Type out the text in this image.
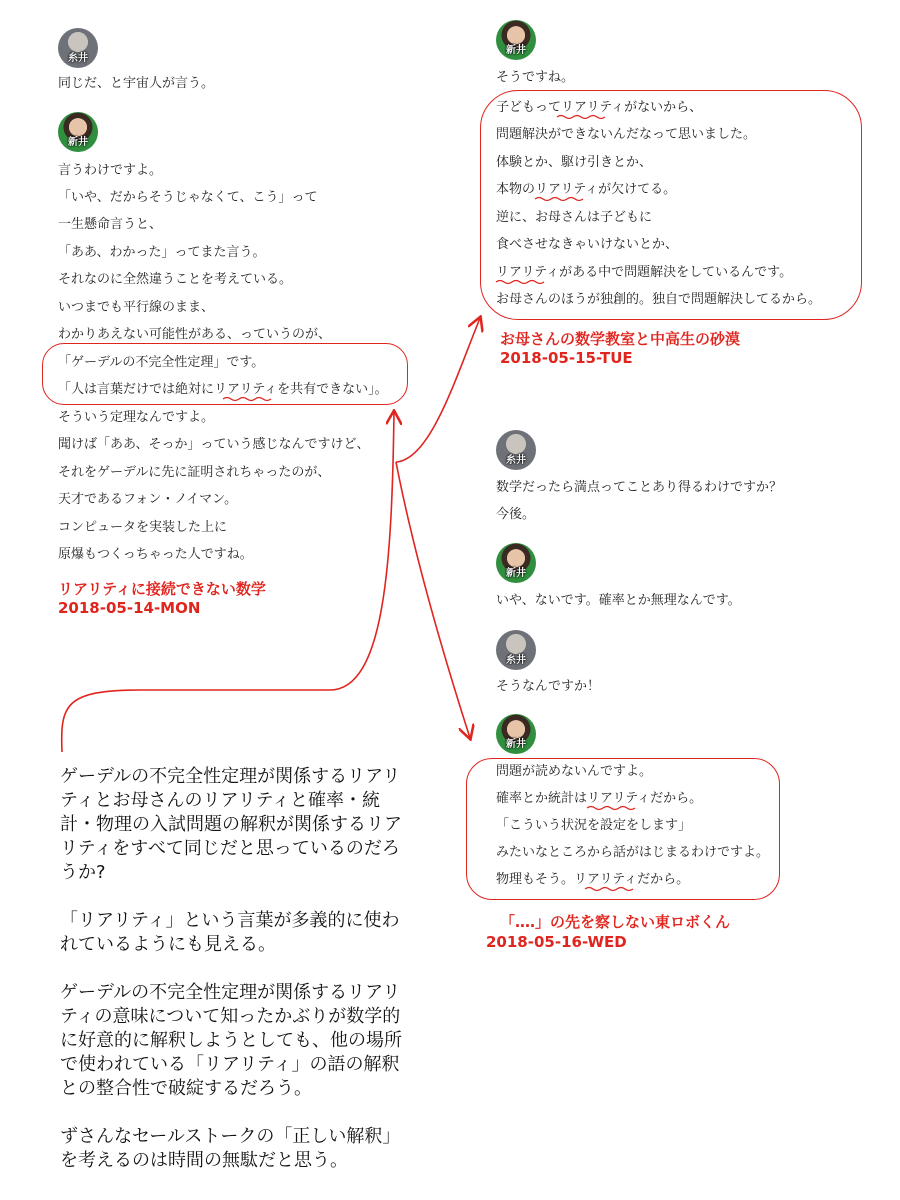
糸井
同じだ、と宇宙人が言う。
新井
言うわけですよ。
「いや、だからそうじゃなくて、こう」って
一生懸命言うと、
「ああ、わかった」ってまた言う。
それなのに全然違うことを考えている。
いつまでも平行線のまま、
わかりあえない可能性がある、っていうのが、
「ゲーデルの不完全性定理」です。
「人は言葉だけでは絶対にリアリティを共有できない」。
そういう定理なんですよ。
聞けば「ああ、そっか」っていう感じなんですけど、
それをゲーデルに先に証明されちゃったのが、
天才であるフォン・ノイマン。
コンピュータを実装した上に
原爆もつくっちゃった人ですね。
リアリティに接続できない数学
2018-05-14-MON
新井
そうですね。
子どもってリアリティがないから、
問題解決ができないんだなって思いました。
体験とか、駆け引きとか、
本物のリアリティが欠けてる。
逆に、お母さんは子どもに
食べさせなきゃいけないとか、
リアリティがある中で問題解決をしているんです。
お母さんのほうが独創的。独自で問題解決してるから。
お母さんの数学教室と中高生の砂漠
2018-05-15-TUE
糸井
数学だったら満点ってことあり得るわけですか？
今後。
新井
いや、ないです。確率とか無理なんです。
糸井
そうなんですか！
新井
問題が読めないんですよ。
確率とか統計はリアリティだから。
「こういう状況を設定をします」
みたいなところから話がはじまるわけですよ。
物理もそう。リアリティだから。
「‥‥」の先を察しない東ロボくん
2018-05-16-WED

ゲーデルの不完全性定理が関係するリアリティとお母さんのリアリティと確率・統計・物理の入試問題の解釈が関係するリアリティをすべて同じだと思っているのだろうか?

「リアリティ」という言葉が多義的に使われているようにも見える。

ゲーデルの不完全性定理が関係するリアリティの意味について知ったかぶりが数学的に好意的に解釈しようとしても、他の場所で使われている「リアリティ」の語の解釈との整合性で破綻するだろう。

ずさんなセールストークの「正しい解釈」を考えるのは時間の無駄だと思う。
